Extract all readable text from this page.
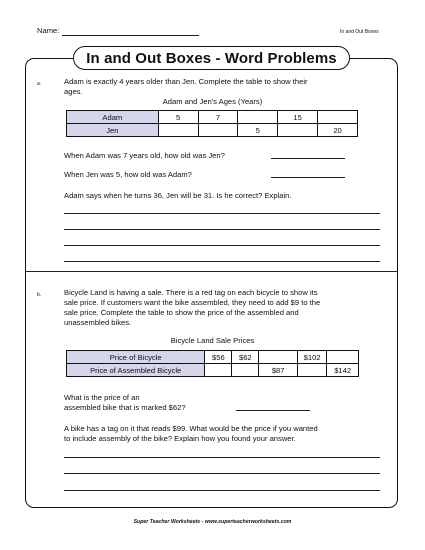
Name:	In and Out Boxes
In and Out Boxes - Word Problems
a.	Adam is exactly 4 years older than Jen. Complete the table to show their
ages.
Adam and Jen's Ages (Years)
Adam	5	7		15	
Jen			5		20
When Adam was 7 years old, how old was Jen?
When Jen was 5, how old was Adam?
Adam says when he turns 36, Jen will be 31. Is he correct? Explain.
b.	Bicycle Land is having a sale. There is a red tag on each bicycle to show its
sale price. If customers want the bike assembled, they need to add $9 to the
sale price. Complete the table to show the price of the assembled and
unassembled bikes.
Bicycle Land Sale Prices
Price of Bicycle	$56	$62		$102	
Price of Assembled Bicycle			$87		$142
What is the price of an
assembled bike that is marked $62?
A bike has a tag on it that reads $99. What would be the price if you wanted
to include assembly of the bike? Explain how you found your answer.
Super Teacher Worksheets - www.superteacherworksheets.com
